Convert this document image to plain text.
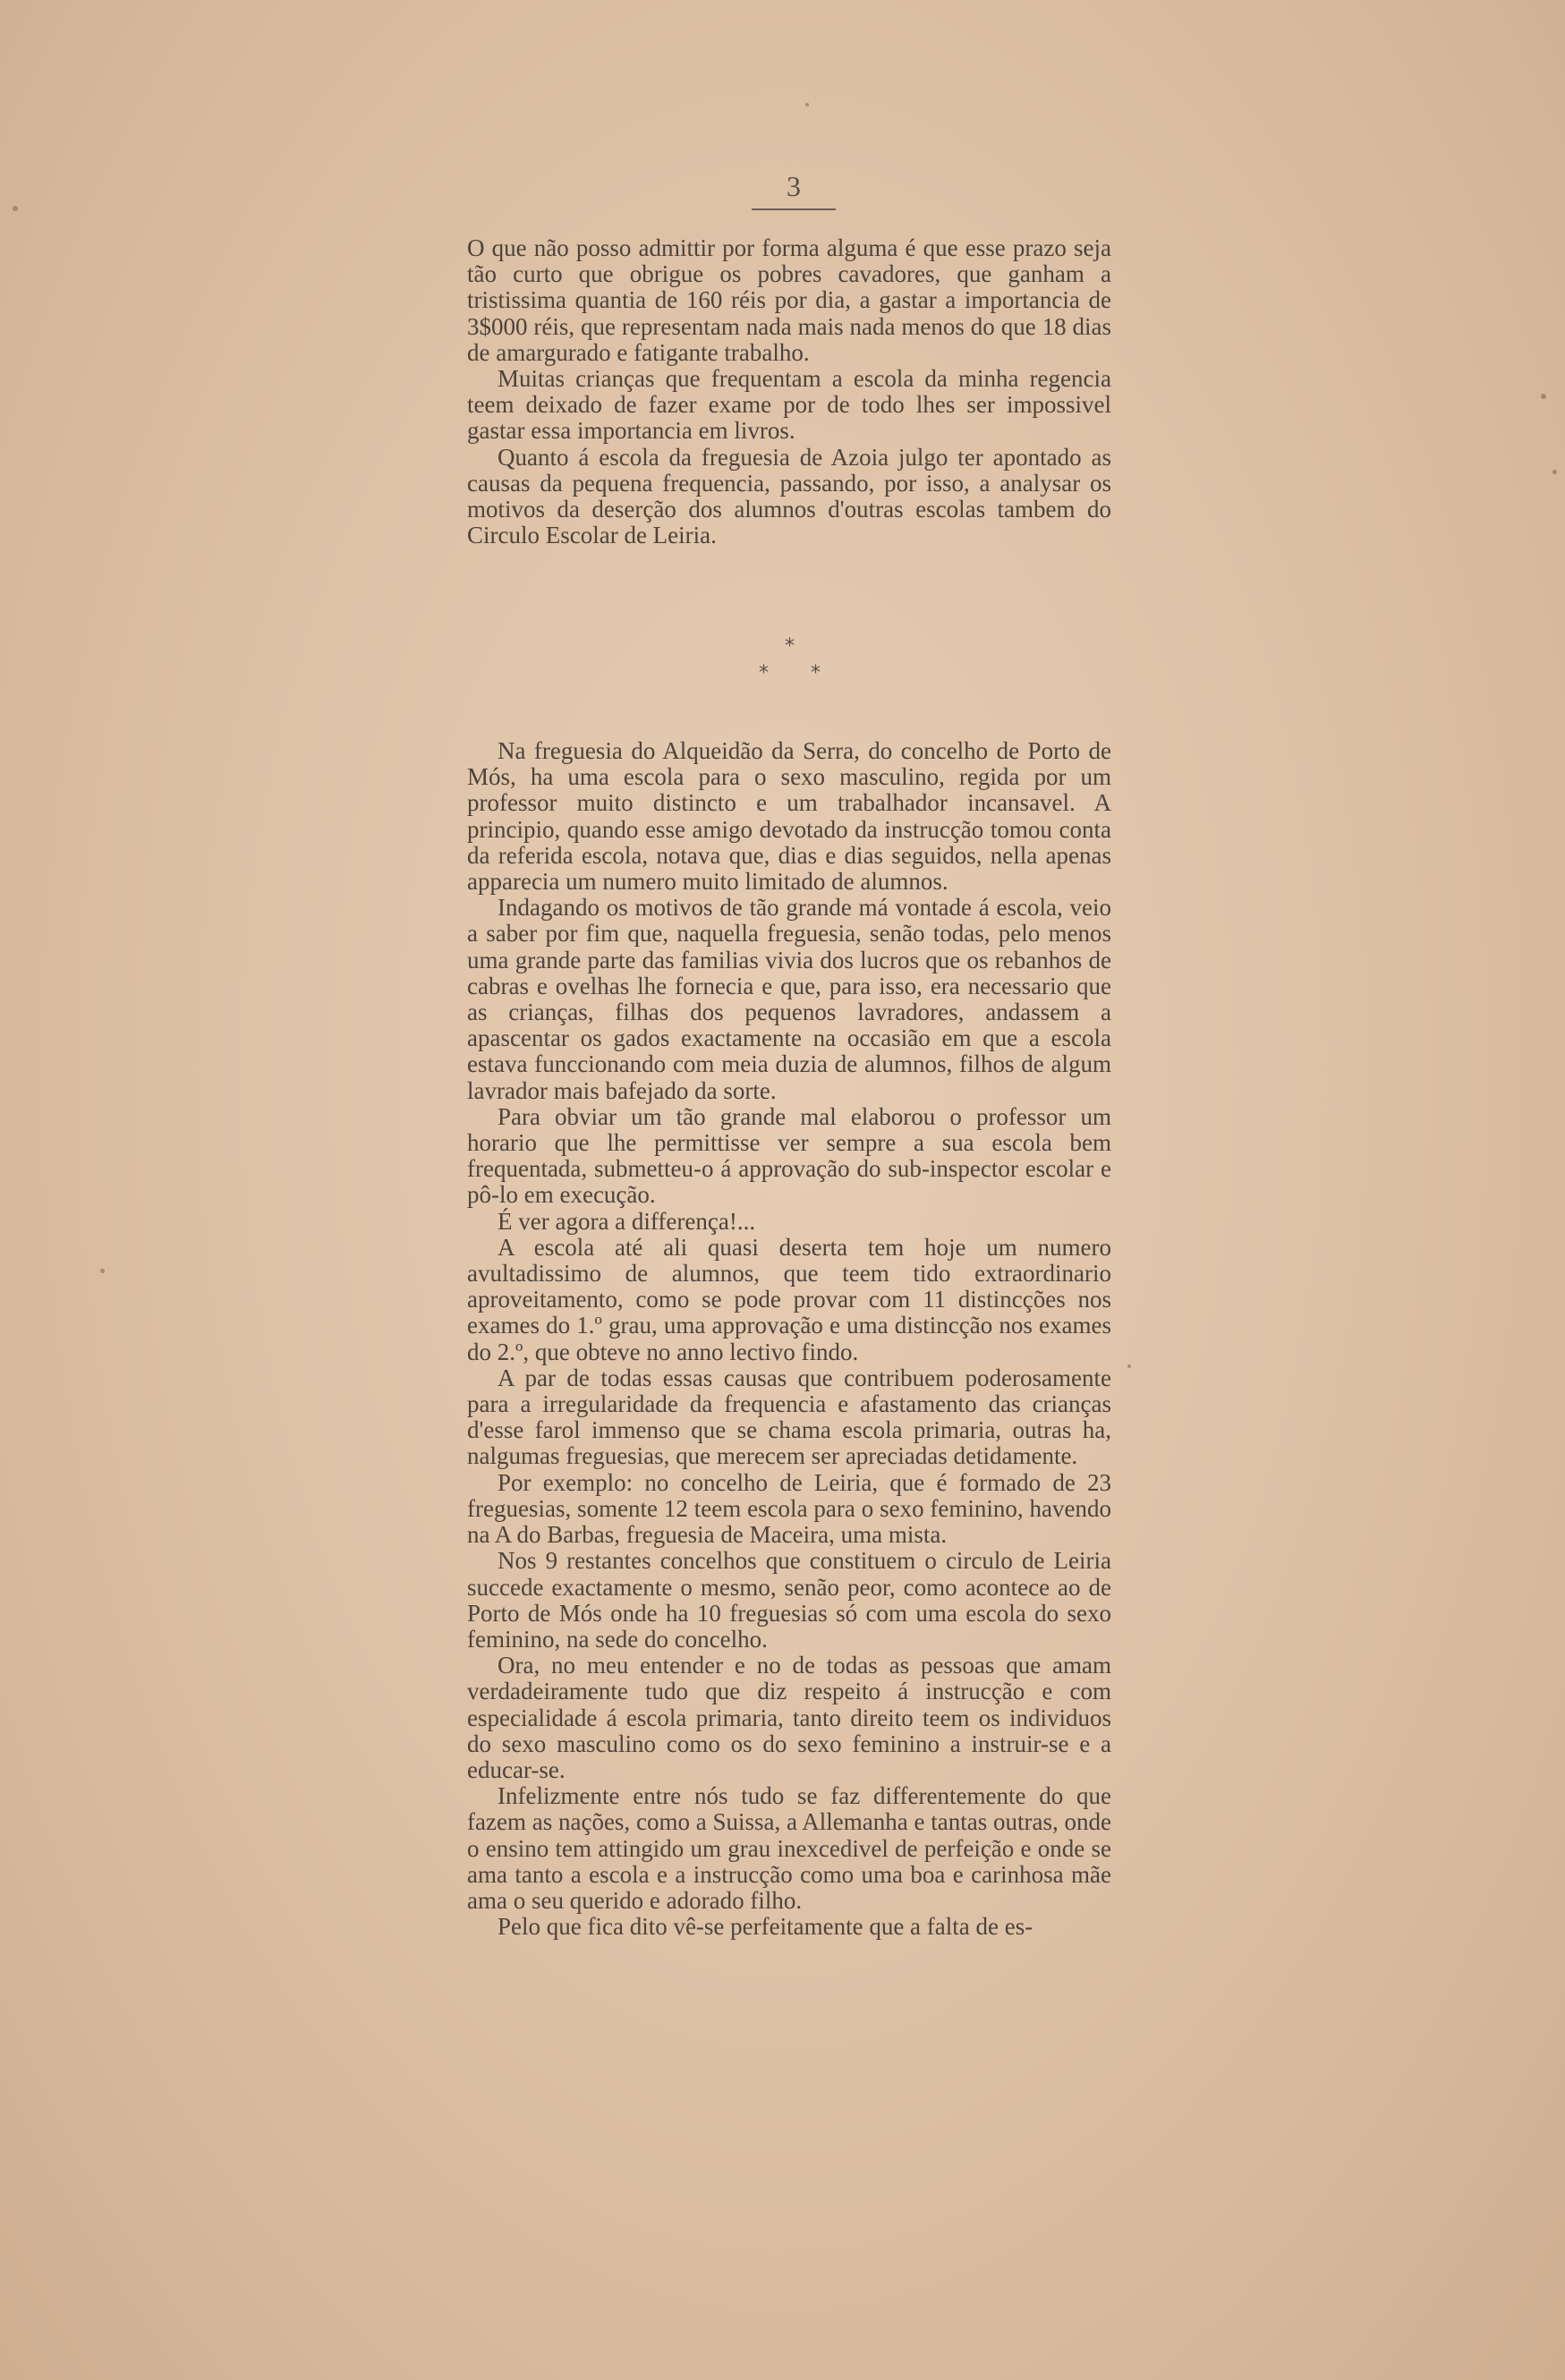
3

O que não posso admittir por forma alguma é que esse prazo seja tão curto que obrigue os pobres cavadores, que ganham a tristissima quantia de 160 réis por dia, a gastar a importancia de 3$000 réis, que representam nada mais nada menos do que 18 dias de amargurado e fatigante trabalho.

Muitas crianças que frequentam a escola da minha regencia teem deixado de fazer exame por de todo lhes ser impossivel gastar essa importancia em livros.

Quanto á escola da freguesia de Azoia julgo ter apontado as causas da pequena frequencia, passando, por isso, a analysar os motivos da deserção dos alumnos d'outras escolas tambem do Circulo Escolar de Leiria.

*
* *

Na freguesia do Alqueidão da Serra, do concelho de Porto de Mós, ha uma escola para o sexo masculino, regida por um professor muito distincto e um trabalhador incansavel. A principio, quando esse amigo devotado da instrucção tomou conta da referida escola, notava que, dias e dias seguidos, nella apenas apparecia um numero muito limitado de alumnos.

Indagando os motivos de tão grande má vontade á escola, veio a saber por fim que, naquella freguesia, senão todas, pelo menos uma grande parte das familias vivia dos lucros que os rebanhos de cabras e ovelhas lhe fornecia e que, para isso, era necessario que as crianças, filhas dos pequenos lavradores, andassem a apascentar os gados exactamente na occasião em que a escola estava funccionando com meia duzia de alumnos, filhos de algum lavrador mais bafejado da sorte.

Para obviar um tão grande mal elaborou o professor um horario que lhe permittisse ver sempre a sua escola bem frequentada, submetteu-o á approvação do sub-inspector escolar e pô-lo em execução.

É ver agora a differença!...

A escola até ali quasi deserta tem hoje um numero avultadissimo de alumnos, que teem tido extraordinario aproveitamento, como se pode provar com 11 distincções nos exames do 1.º grau, uma approvação e uma distincção nos exames do 2.º, que obteve no anno lectivo findo.

A par de todas essas causas que contribuem poderosamente para a irregularidade da frequencia e afastamento das crianças d'esse farol immenso que se chama escola primaria, outras ha, nalgumas freguesias, que merecem ser apreciadas detidamente.

Por exemplo: no concelho de Leiria, que é formado de 23 freguesias, somente 12 teem escola para o sexo feminino, havendo na A do Barbas, freguesia de Maceira, uma mista.

Nos 9 restantes concelhos que constituem o circulo de Leiria succede exactamente o mesmo, senão peor, como acontece ao de Porto de Mós onde ha 10 freguesias só com uma escola do sexo feminino, na sede do concelho.

Ora, no meu entender e no de todas as pessoas que amam verdadeiramente tudo que diz respeito á instrucção e com especialidade á escola primaria, tanto direito teem os individuos do sexo masculino como os do sexo feminino a instruir-se e a educar-se.

Infelizmente entre nós tudo se faz differentemente do que fazem as nações, como a Suissa, a Allemanha e tantas outras, onde o ensino tem attingido um grau inexcedivel de perfeição e onde se ama tanto a escola e a instrucção como uma boa e carinhosa mãe ama o seu querido e adorado filho.

Pelo que fica dito vê-se perfeitamente que a falta de es-
